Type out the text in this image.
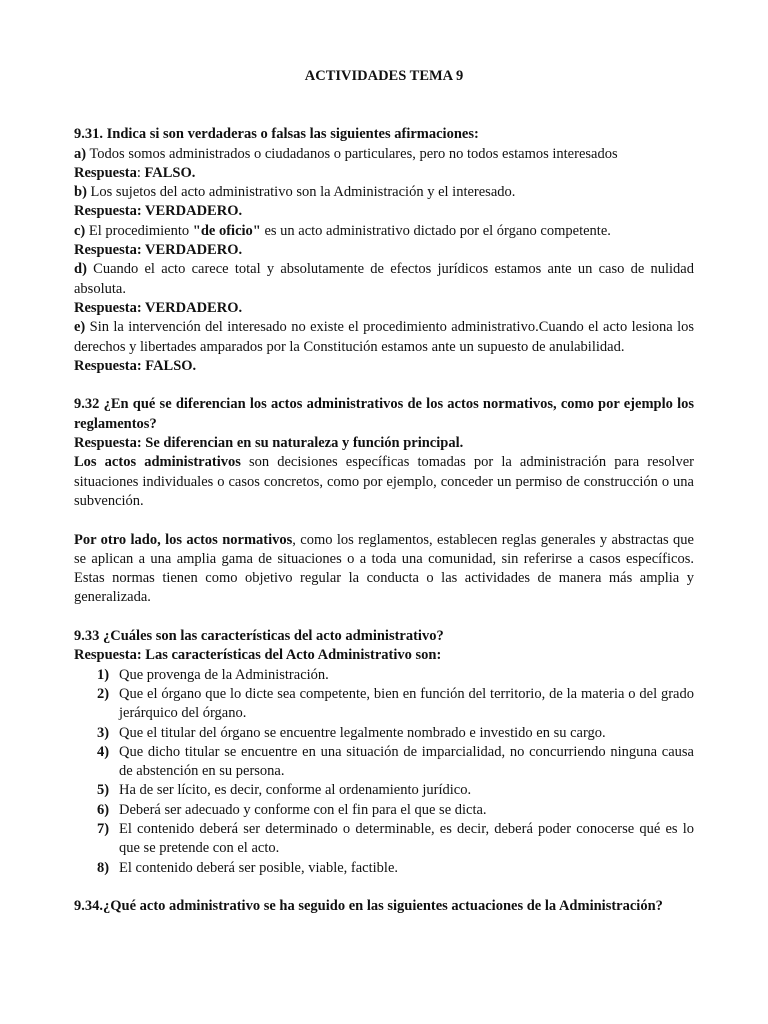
ACTIVIDADES TEMA 9

9.31. Indica si son verdaderas o falsas las siguientes afirmaciones:

a) Todos somos administrados o ciudadanos o particulares, pero no todos estamos interesados

Respuesta: FALSO.

b) Los sujetos del acto administrativo son la Administración y el interesado.

Respuesta: VERDADERO.

c) El procedimiento "de oficio" es un acto administrativo dictado por el órgano competente.

Respuesta: VERDADERO.

d) Cuando el acto carece total y absolutamente de efectos jurídicos estamos ante un caso de nulidad absoluta.

Respuesta: VERDADERO.

e) Sin la intervención del interesado no existe el procedimiento administrativo.Cuando el acto lesiona los derechos y libertades amparados por la Constitución estamos ante un supuesto de anulabilidad.

Respuesta: FALSO.

9.32 ¿En qué se diferencian los actos administrativos de los actos normativos, como por ejemplo los reglamentos?

Respuesta: Se diferencian en su naturaleza y función principal.

Los actos administrativos son decisiones específicas tomadas por la administración para resolver situaciones individuales o casos concretos, como por ejemplo, conceder un permiso de construcción o una subvención.

Por otro lado, los actos normativos, como los reglamentos, establecen reglas generales y abstractas que se aplican a una amplia gama de situaciones o a toda una comunidad, sin referirse a casos específicos. Estas normas tienen como objetivo regular la conducta o las actividades de manera más amplia y generalizada.

9.33 ¿Cuáles son las características del acto administrativo?

Respuesta: Las características del Acto Administrativo son:

1) Que provenga de la Administración.
2) Que el órgano que lo dicte sea competente, bien en función del territorio, de la materia o del grado jerárquico del órgano.
3) Que el titular del órgano se encuentre legalmente nombrado e investido en su cargo.
4) Que dicho titular se encuentre en una situación de imparcialidad, no concurriendo ninguna causa de abstención en su persona.
5) Ha de ser lícito, es decir, conforme al ordenamiento jurídico.
6) Deberá ser adecuado y conforme con el fin para el que se dicta.
7) El contenido deberá ser determinado o determinable, es decir, deberá poder conocerse qué es lo que se pretende con el acto.
8) El contenido deberá ser posible, viable, factible.

9.34.¿Qué acto administrativo se ha seguido en las siguientes actuaciones de la Administración?
